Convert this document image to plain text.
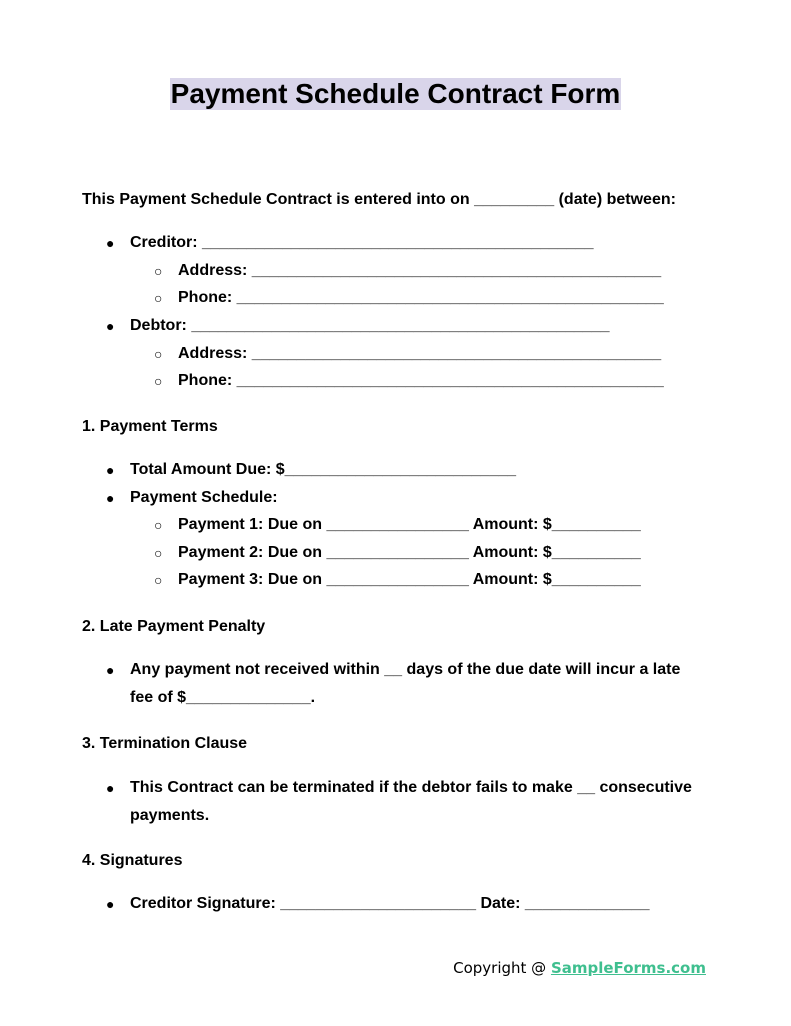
Payment Schedule Contract Form
This Payment Schedule Contract is entered into on _________ (date) between:
● Creditor: ____________________________________________
○ Address: ______________________________________________
○ Phone: ________________________________________________
● Debtor: _______________________________________________
○ Address: ______________________________________________
○ Phone: ________________________________________________
1. Payment Terms
● Total Amount Due: $__________________________
● Payment Schedule:
○ Payment 1: Due on ________________ Amount: $__________
○ Payment 2: Due on ________________ Amount: $__________
○ Payment 3: Due on ________________ Amount: $__________
2. Late Payment Penalty
● Any payment not received within __ days of the due date will incur a late fee of $______________.
3. Termination Clause
● This Contract can be terminated if the debtor fails to make __ consecutive payments.
4. Signatures
● Creditor Signature: ______________________ Date: ______________
Copyright @ SampleForms.com
